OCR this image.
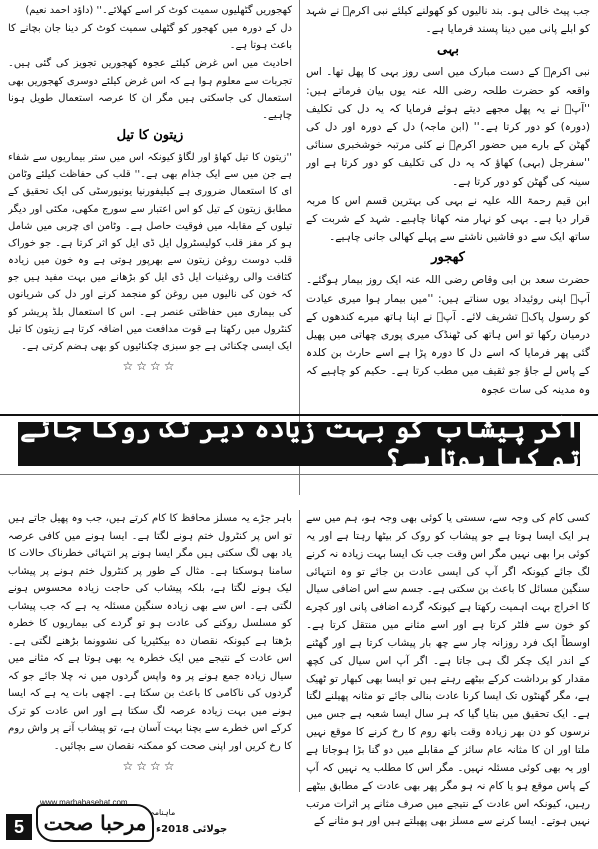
جب پیٹ خالی ہو۔ بند نالیوں کو کھولنے کیلئے نبی اکرمؐ نے شہد کو ابلے پانی میں دینا پسند فرمایا ہے۔

بہی

نبی اکرمؐ کے دست مبارک میں اسی روز بہی کا پھل تھا۔ اس واقعہ کو حضرت طلحہ رضی اللہ عنہ یوں بیان فرماتے ہیں: ''آپؐ نے یہ پھل مجھے دیتے ہوئے فرمایا کہ یہ دل کی تکلیف (دورہ) کو دور کرتا ہے۔'' (ابن ماجہ) دل کے دورہ اور دل کی گھٹن کے بارے میں حضور اکرمؐ نے کئی مرتبہ خوشخبری سنائی ''سفرجل (بہی) کھاؤ کہ یہ دل کی تکلیف کو دور کرتا ہے اور سینہ کی گھٹن کو دور کرتا ہے۔

ابن قیم رحمۃ اللہ علیہ نے بہی کی بہترین قسم اس کا مربہ قرار دیا ہے۔ بہی کو نہار منہ کھانا چاہیے۔ شہد کے شربت کے ساتھ ایک سے دو قاشیں ناشتے سے پہلے کھالی جانی چاہیے۔

کھجور

حضرت سعد بن ابی وقاص رضی اللہ عنہ ایک روز بیمار ہوگئے۔ آپؐ اپنی روئیداد یوں سناتے ہیں: ''میں بیمار ہوا میری عیادت کو رسول پاکؐ تشریف لائے۔ آپؐ نے اپنا ہاتھ میرے کندھوں کے درمیان رکھا تو اس ہاتھ کی ٹھنڈک میری پوری چھاتی میں پھیل گئی پھر فرمایا کہ اسے دل کا دورہ پڑا ہے اسے حارث بن کلدہ کے پاس لے جاؤ جو ثقیف میں مطب کرتا ہے۔ حکیم کو چاہیے کہ وہ مدینہ کی سات عجوہ

کھجوریں گٹھلیوں سمیت کوٹ کر اسے کھلائے۔'' (داؤد احمد نعیم)

دل کے دورہ میں کھجور کو گٹھلی سمیت کوٹ کر دینا جان بچانے کا باعث ہوتا ہے۔

احادیث میں اس غرض کیلئے عجوہ کھجوریں تجویز کی گئی ہیں۔ تجربات سے معلوم ہوا ہے کہ اس غرض کیلئے دوسری کھجوریں بھی استعمال کی جاسکتی ہیں مگر ان کا عرصہ استعمال طویل ہونا چاہیے۔

زیتون کا تیل

''زیتون کا تیل کھاؤ اور لگاؤ کیونکہ اس میں ستر بیماریوں سے شفاء ہے جن میں سے ایک جذام بھی ہے۔'' قلب کی حفاظت کیلئے وٹامن ای کا استعمال ضروری ہے کیلیفورنیا یونیورسٹی کی ایک تحقیق کے مطابق زیتون کے تیل کو اس اعتبار سے سورج مکھی، مکئی اور دیگر تیلوں کے مقابلہ میں فوقیت حاصل ہے۔ وٹامن ای چربی میں شامل ہو کر مفز قلب کولیسٹرول ایل ڈی ایل کو اثر کرتا ہے۔ جو خوراک قلب دوست روغن زیتون سے بھرپور ہوتی ہے وہ خون میں زیادہ کثافت والی روغنیات ایل ڈی ایل کو بڑھانے میں بہت مفید ہیں جو کہ خون کی نالیوں میں روغن کو منجمد کرنے اور دل کی شریانوں کی بیماری میں حفاظتی عنصر ہے۔ اس کا استعمال بلڈ پریشر کو کنٹرول میں رکھتا ہے قوت مدافعت میں اضافہ کرتا ہے زیتون کا تیل ایک ایسی چکنائی ہے جو سبزی چکنائیوں کو بھی ہضم کرتی ہے۔

☆☆☆☆
اگر پیشاب کو بہت زیادہ دیر تک روکا جائے تو کیا ہوتا ہے؟

کسی کام کی وجہ سے، سستی یا کوئی بھی وجہ ہو، ہم میں سے ہر ایک ایسا ہوتا ہے جو پیشاب کو روک کر بیٹھا رہتا ہے اور یہ کوئی برا بھی نہیں مگر اس وقت جب تک ایسا بہت زیادہ نہ کرنے لگ جائے کیونکہ اگر آپ کی ایسی عادت بن جائے تو وہ انتہائی سنگین مسائل کا باعث بن سکتی ہے۔ جسم سے اس اضافی سیال کا اخراج بہت اہمیت رکھتا ہے کیونکہ گردے اضافی پانی اور کچرے کو خون سے فلٹر کرتا ہے اور اسے مثانے میں منتقل کرتا ہے۔ اوسطاً ایک فرد روزانہ چار سے چھ بار پیشاب کرتا ہے اور گھٹنے کے اندر ایک چکر لگ ہی جاتا ہے۔ اگر آپ اس سیال کی کچھ مقدار کو برداشت کرکے بیٹھے رہتے ہیں تو ایسا بھی کبھار تو ٹھیک ہے، مگر گھنٹوں تک ایسا کرنا عادت بنالی جائے تو مثانہ پھیلنے لگتا ہے۔ ایک تحقیق میں بتایا گیا کہ ہر سال ایسا شعبہ ہے جس میں نرسوں کو دن بھر زیادہ وقت باتھ روم کا رخ کرنے کا موقع نہیں ملتا اور ان کا مثانہ عام سائز کے مقابلے میں دو گنا بڑا ہوجاتا ہے اور یہ بھی کوئی مسئلہ نہیں۔ مگر اس کا مطلب یہ نہیں کہ آپ کے پاس موقع ہو یا کام نہ ہو مگر پھر بھی عادت کے مطابق بیٹھے رہیں، کیونکہ اس عادت کے نتیجے میں صرف مثانے پر اثرات مرتب نہیں ہوتے۔ ایسا کرنے سے مسلز بھی پھیلتے ہیں اور ہو مثانے کے

باہر جڑے یہ مسلز محافظ کا کام کرتے ہیں، جب وہ پھیل جاتے ہیں تو اس پر کنٹرول ختم ہونے لگتا ہے۔ ایسا ہونے میں کافی عرصہ یاد بھی لگ سکتی ہیں مگر ایسا ہونے پر انتہائی خطرناک حالات کا سامنا ہوسکتا ہے۔ مثال کے طور پر کنٹرول ختم ہونے پر پیشاب لیک ہونے لگتا ہے، بلکہ پیشاب کی حاجت زیادہ محسوس ہونے لگتی ہے۔ اس سے بھی زیادہ سنگین مسئلہ یہ ہے کہ جب پیشاب کو مسلسل روکنے کی عادت ہو تو گردے کی بیماریوں کا خطرہ بڑھتا ہے کیونکہ نقصان دہ بیکٹیریا کی نشوونما بڑھنے لگتی ہے۔ اس عادت کے نتیجے میں ایک خطرہ یہ بھی ہوتا ہے کہ مثانے میں سیال زیادہ جمع ہونے پر وہ واپس گردوں میں نہ چلا جائے جو کہ گردوں کی ناکامی کا باعث بن سکتا ہے۔ اچھی بات یہ ہے کہ ایسا ہونے میں بہت زیادہ عرصہ لگ سکتا ہے اور اس عادت کو ترک کرکے اس خطرے سے بچنا بہت آسان ہے، تو پیشاب آنے پر واش روم کا رخ کریں اور اپنی صحت کو ممکنہ نقصان سے بچائیں۔

☆☆☆☆
www.marhabasehat.com
5 مرحبا صحت ماہنامہ
جولائی 2018ء
